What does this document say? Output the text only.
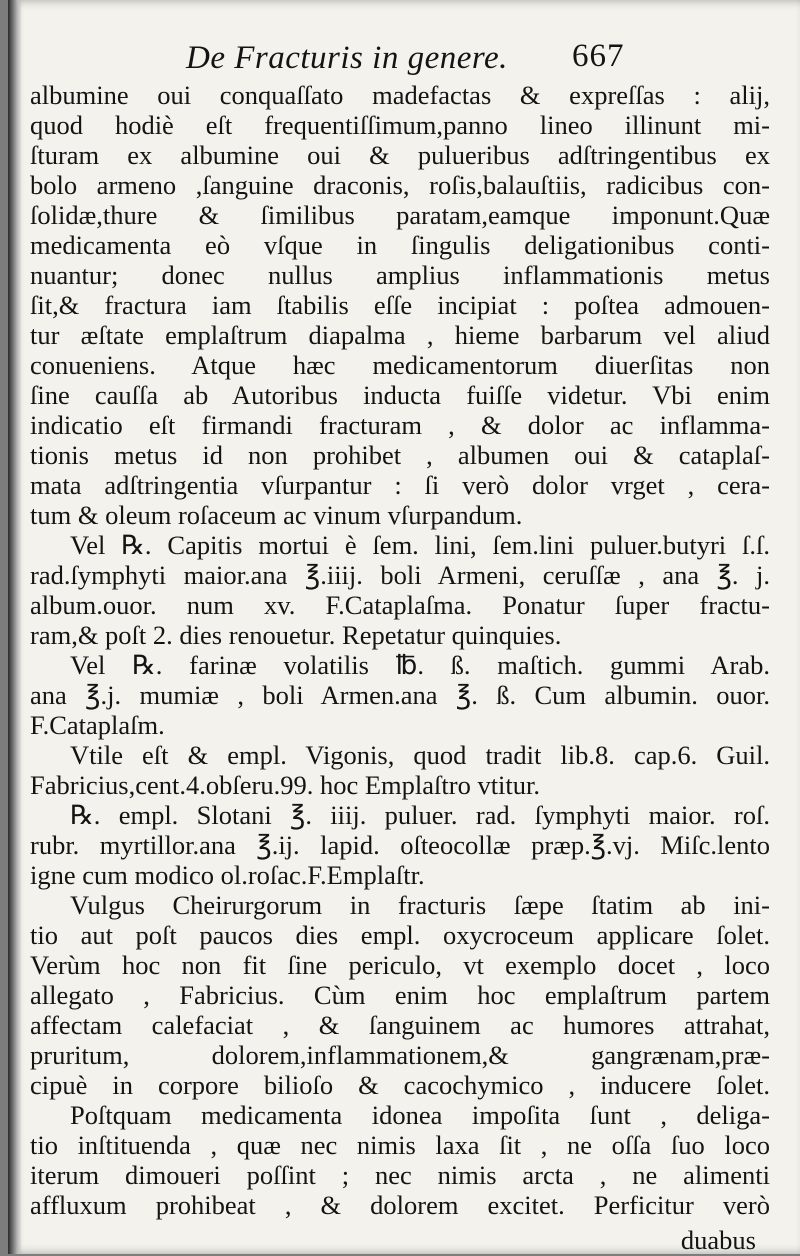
De Fracturis in genere. 667
albumine oui conquaſſato madefactas & expreſſas : alij,
quod hodiè eſt frequentiſſimum,panno lineo illinunt mi-
ſturam ex albumine oui & pulueribus adſtringentibus ex
bolo armeno ,ſanguine draconis, roſis,balauſtiis, radicibus con-
ſolidæ,thure & ſimilibus paratam,eamque imponunt.Quæ
medicamenta eò vſque in ſingulis deligationibus conti-
nuantur; donec nullus amplius inflammationis metus
ſit,& fractura iam ſtabilis eſſe incipiat : poſtea admouen-
tur æſtate emplaſtrum diapalma , hieme barbarum vel aliud
conueniens. Atque hæc medicamentorum diuerſitas non
ſine cauſſa ab Autoribus inducta fuiſſe videtur. Vbi enim
indicatio eſt firmandi fracturam , & dolor ac inflamma-
tionis metus id non prohibet , albumen oui & cataplaſ-
mata adſtringentia vſurpantur : ſi verò dolor vrget , cera-
tum & oleum roſaceum ac vinum vſurpandum.
Vel ℞. Capitis mortui è ſem. lini, ſem.lini puluer.butyri ſ.ſ.
rad.ſymphyti maior.ana ℥.iiij. boli Armeni, ceruſſæ , ana ℥. j.
album.ouor. num xv. F.Cataplaſma. Ponatur ſuper fractu-
ram,& poſt 2. dies renouetur. Repetatur quinquies.
Vel ℞. farinæ volatilis ℔. ß. maſtich. gummi Arab.
ana ℥.j. mumiæ , boli Armen.ana ℥. ß. Cum albumin. ouor.
F.Cataplaſm.
Vtile eſt & empl. Vigonis, quod tradit lib.8. cap.6. Guil.
Fabricius,cent.4.obſeru.99. hoc Emplaſtro vtitur.
℞. empl. Slotani ℥. iiij. puluer. rad. ſymphyti maior. roſ.
rubr. myrtillor.ana ℥.ij. lapid. oſteocollæ præp.℥.vj. Miſc.lento
igne cum modico ol.roſac.F.Emplaſtr.
Vulgus Cheirurgorum in fracturis ſæpe ſtatim ab ini-
tio aut poſt paucos dies empl. oxycroceum applicare ſolet.
Verùm hoc non fit ſine periculo, vt exemplo docet , loco
allegato , Fabricius. Cùm enim hoc emplaſtrum partem
affectam calefaciat , & ſanguinem ac humores attrahat,
pruritum, dolorem,inflammationem,& gangrænam,præ-
cipuè in corpore bilioſo & cacochymico , inducere ſolet.
Poſtquam medicamenta idonea impoſita ſunt , deliga-
tio inſtituenda , quæ nec nimis laxa ſit , ne oſſa ſuo loco
iterum dimoueri poſſint ; nec nimis arcta , ne alimenti
affluxum prohibeat , & dolorem excitet. Perficitur verò
duabus
